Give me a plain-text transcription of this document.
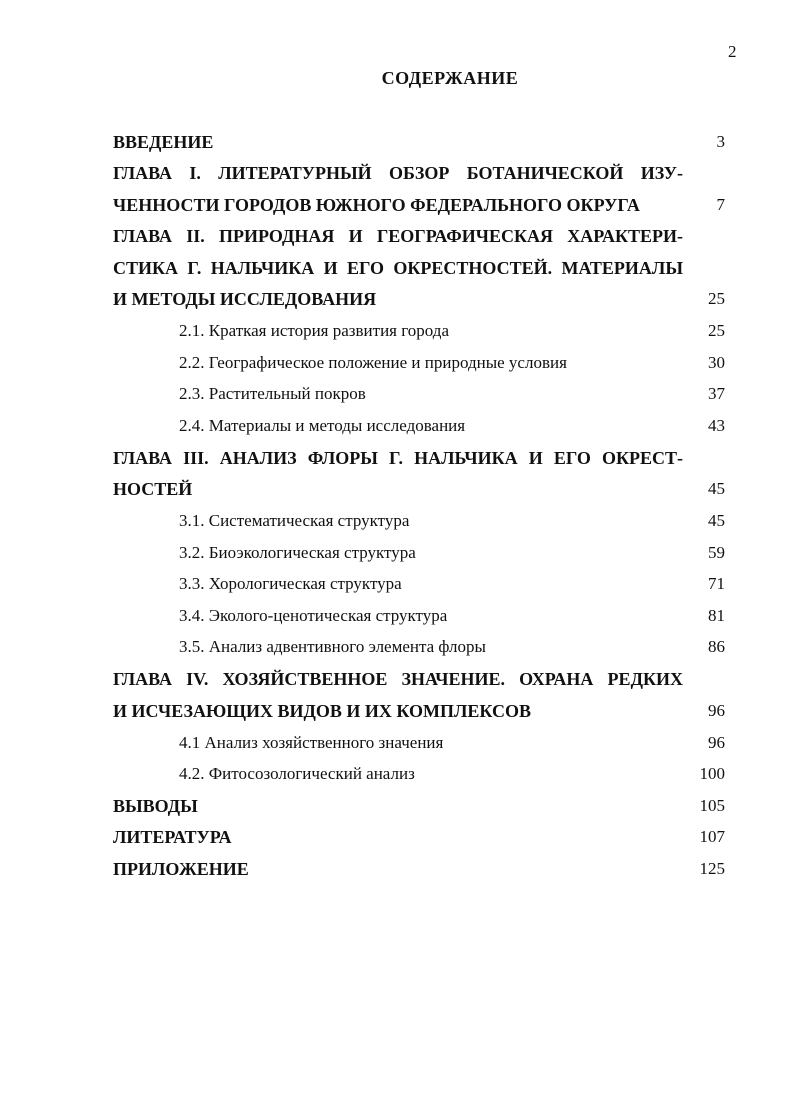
2
СОДЕРЖАНИЕ
ВВЕДЕНИЕ	3
ГЛАВА I. ЛИТЕРАТУРНЫЙ ОБЗОР БОТАНИЧЕСКОЙ ИЗУ-
ЧЕННОСТИ ГОРОДОВ ЮЖНОГО ФЕДЕРАЛЬНОГО ОКРУГА	7
ГЛАВА II. ПРИРОДНАЯ И ГЕОГРАФИЧЕСКАЯ ХАРАКТЕРИ-
СТИКА Г. НАЛЬЧИКА И ЕГО ОКРЕСТНОСТЕЙ. МАТЕРИАЛЫ
И МЕТОДЫ ИССЛЕДОВАНИЯ	25
2.1. Краткая история развития города	25
2.2. Географическое положение и природные условия	30
2.3. Растительный покров	37
2.4. Материалы и методы исследования	43
ГЛАВА III. АНАЛИЗ ФЛОРЫ Г. НАЛЬЧИКА И ЕГО ОКРЕСТ-
НОСТЕЙ	45
3.1. Систематическая структура	45
3.2. Биоэкологическая структура	59
3.3. Хорологическая структура	71
3.4. Эколого-ценотическая структура	81
3.5. Анализ адвентивного элемента флоры	86
ГЛАВА IV. ХОЗЯЙСТВЕННОЕ ЗНАЧЕНИЕ. ОХРАНА РЕДКИХ
И ИСЧЕЗАЮЩИХ ВИДОВ И ИХ КОМПЛЕКСОВ	96
4.1 Анализ хозяйственного значения	96
4.2. Фитосозологический анализ	100
ВЫВОДЫ	105
ЛИТЕРАТУРА	107
ПРИЛОЖЕНИЕ	125
